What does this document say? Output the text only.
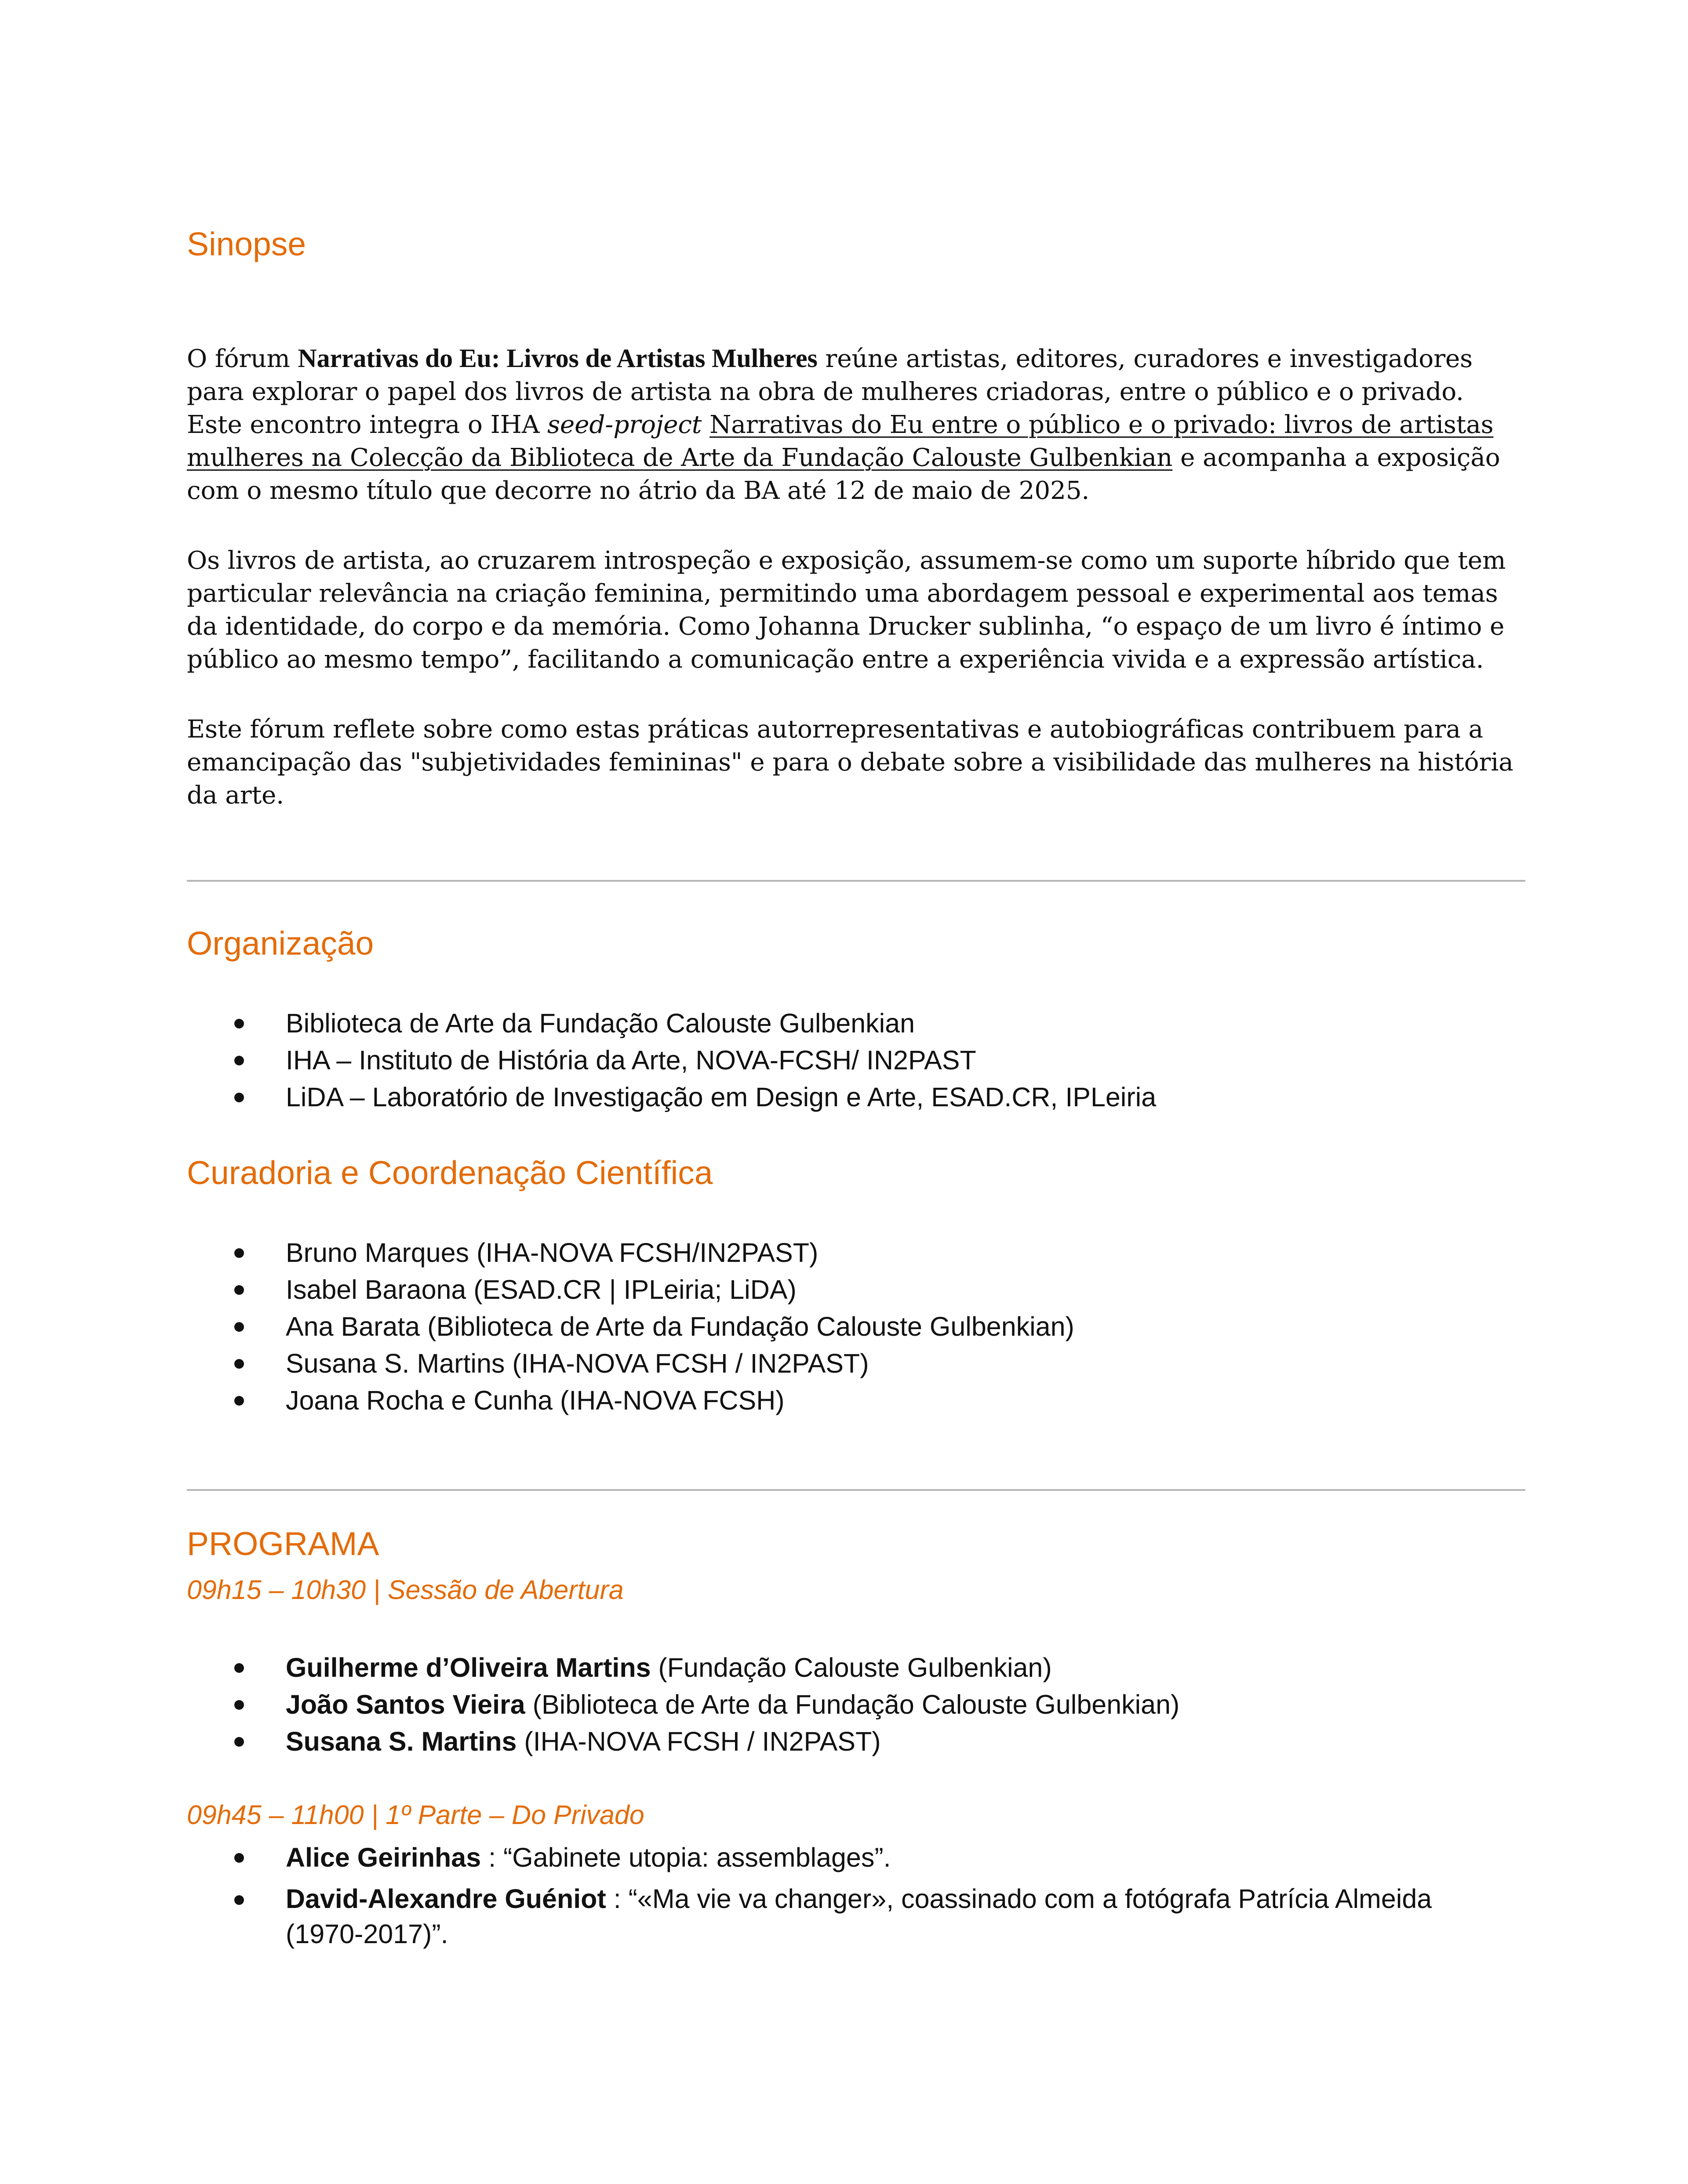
Sinopse

O fórum Narrativas do Eu: Livros de Artistas Mulheres reúne artistas, editores, curadores e investigadores para explorar o papel dos livros de artista na obra de mulheres criadoras, entre o público e o privado. Este encontro integra o IHA seed-project Narrativas do Eu entre o público e o privado: livros de artistas mulheres na Colecção da Biblioteca de Arte da Fundação Calouste Gulbenkian e acompanha a exposição com o mesmo título que decorre no átrio da BA até 12 de maio de 2025.

Os livros de artista, ao cruzarem introspeção e exposição, assumem-se como um suporte híbrido que tem particular relevância na criação feminina, permitindo uma abordagem pessoal e experimental aos temas da identidade, do corpo e da memória. Como Johanna Drucker sublinha, “o espaço de um livro é íntimo e público ao mesmo tempo”, facilitando a comunicação entre a experiência vivida e a expressão artística.

Este fórum reflete sobre como estas práticas autorrepresentativas e autobiográficas contribuem para a emancipação das "subjetividades femininas" e para o debate sobre a visibilidade das mulheres na história da arte.

Organização
Biblioteca de Arte da Fundação Calouste Gulbenkian
IHA – Instituto de História da Arte, NOVA-FCSH/ IN2PAST
LiDA – Laboratório de Investigação em Design e Arte, ESAD.CR, IPLeiria
Curadoria e Coordenação Científica
Bruno Marques (IHA-NOVA FCSH/IN2PAST)
Isabel Baraona (ESAD.CR | IPLeiria; LiDA)
Ana Barata (Biblioteca de Arte da Fundação Calouste Gulbenkian)
Susana S. Martins (IHA-NOVA FCSH / IN2PAST)
Joana Rocha e Cunha (IHA-NOVA FCSH)
PROGRAMA

09h15 – 10h30 | Sessão de Abertura

Guilherme d’Oliveira Martins (Fundação Calouste Gulbenkian)
João Santos Vieira (Biblioteca de Arte da Fundação Calouste Gulbenkian)
Susana S. Martins (IHA-NOVA FCSH / IN2PAST)

09h45 – 11h00 | 1º Parte – Do Privado

Alice Geirinhas : “Gabinete utopia: assemblages”.
David-Alexandre Guéniot : “«Ma vie va changer», coassinado com a fotógrafa Patrícia Almeida (1970-2017)”.
